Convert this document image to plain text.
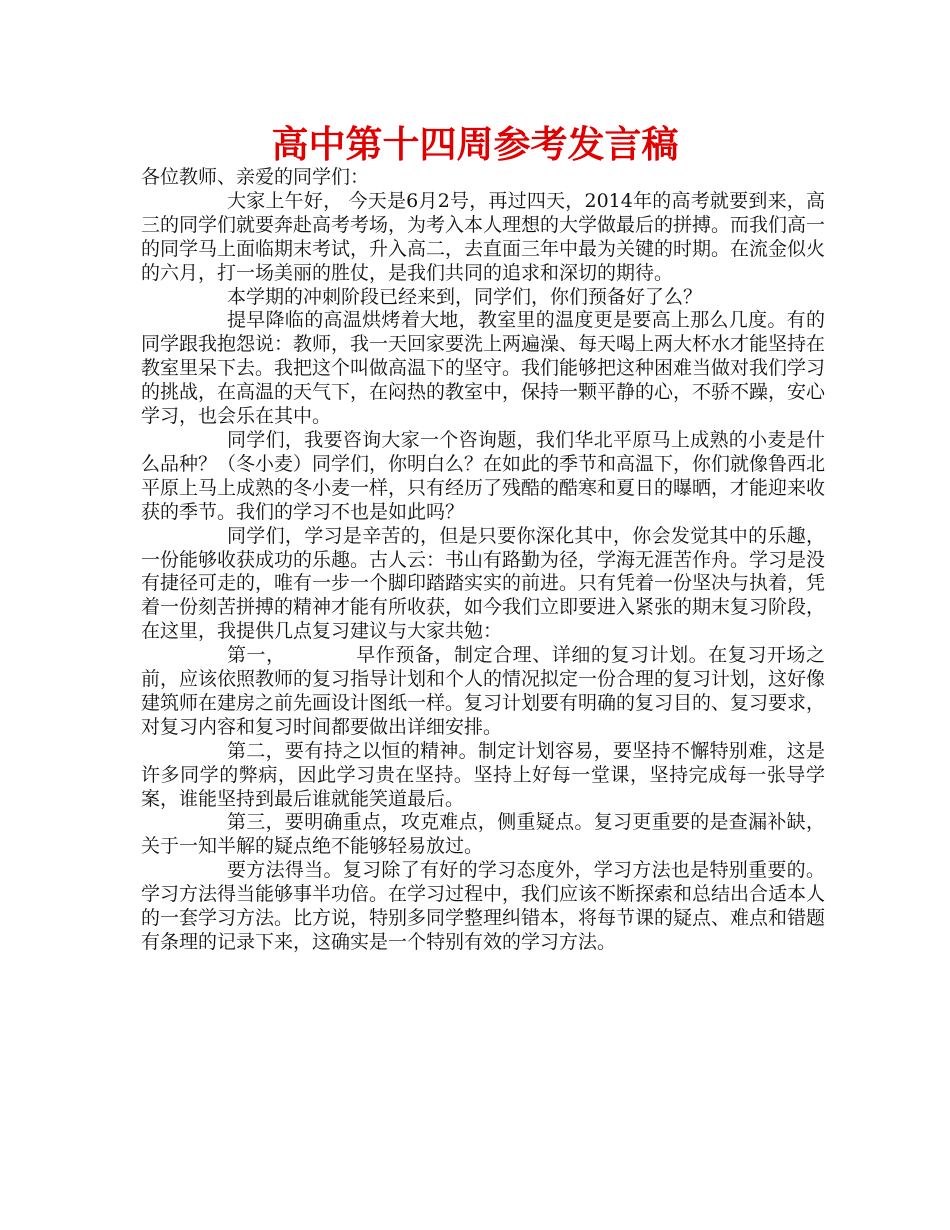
高中第十四周参考发言稿

各位教师、亲爱的同学们：

大家上午好， 今天是6月2号，再过四天，2014年的高考就要到来，高三的同学们就要奔赴高考考场，为考入本人理想的大学做最后的拼搏。而我们高一的同学马上面临期末考试，升入高二，去直面三年中最为关键的时期。在流金似火的六月，打一场美丽的胜仗，是我们共同的追求和深切的期待。

本学期的冲刺阶段已经来到，同学们，你们预备好了么？

提早降临的高温烘烤着大地，教室里的温度更是要高上那么几度。有的同学跟我抱怨说：教师，我一天回家要洗上两遍澡、每天喝上两大杯水才能坚持在教室里呆下去。我把这个叫做高温下的坚守。我们能够把这种困难当做对我们学习的挑战，在高温的天气下，在闷热的教室中，保持一颗平静的心，不骄不躁，安心学习，也会乐在其中。

同学们，我要咨询大家一个咨询题，我们华北平原马上成熟的小麦是什么品种？（冬小麦）同学们，你明白么？在如此的季节和高温下，你们就像鲁西北平原上马上成熟的冬小麦一样，只有经历了残酷的酷寒和夏日的曝晒，才能迎来收获的季节。我们的学习不也是如此吗？

同学们，学习是辛苦的，但是只要你深化其中，你会发觉其中的乐趣，一份能够收获成功的乐趣。古人云：书山有路勤为径，学海无涯苦作舟。学习是没有捷径可走的，唯有一步一个脚印踏踏实实的前进。只有凭着一份坚决与执着，凭着一份刻苦拼搏的精神才能有所收获，如今我们立即要进入紧张的期末复习阶段，在这里，我提供几点复习建议与大家共勉：

第一，	早作预备，制定合理、详细的复习计划。在复习开场之前，应该依照教师的复习指导计划和个人的情况拟定一份合理的复习计划，这好像建筑师在建房之前先画设计图纸一样。复习计划要有明确的复习目的、复习要求，对复习内容和复习时间都要做出详细安排。

第二，要有持之以恒的精神。制定计划容易，要坚持不懈特别难，这是许多同学的弊病，因此学习贵在坚持。坚持上好每一堂课，坚持完成每一张导学案，谁能坚持到最后谁就能笑道最后。

第三，要明确重点，攻克难点，侧重疑点。复习更重要的是查漏补缺，关于一知半解的疑点绝不能够轻易放过。

要方法得当。复习除了有好的学习态度外，学习方法也是特别重要的。学习方法得当能够事半功倍。在学习过程中，我们应该不断探索和总结出合适本人的一套学习方法。比方说，特别多同学整理纠错本，将每节课的疑点、难点和错题有条理的记录下来，这确实是一个特别有效的学习方法。
